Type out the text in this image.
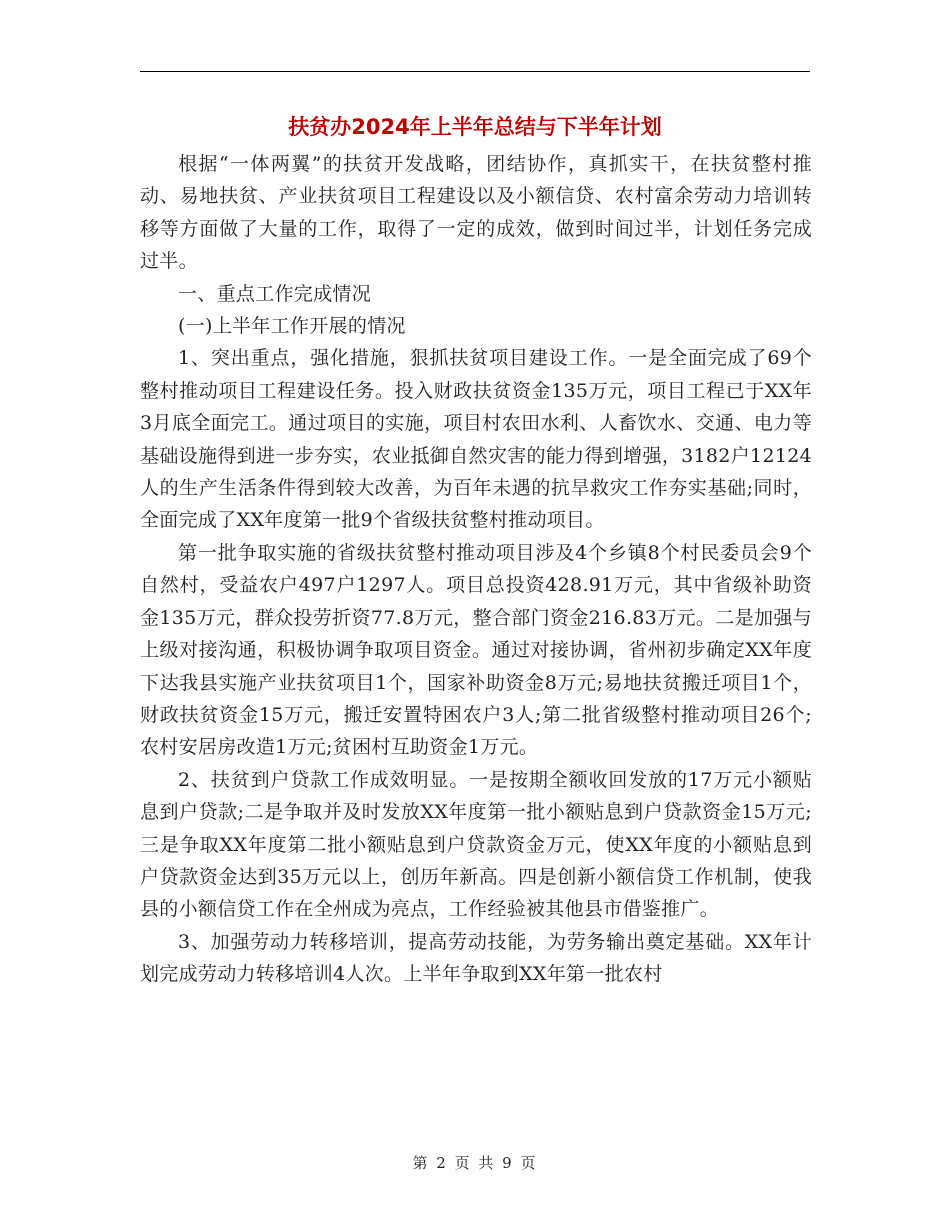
扶贫办2024年上半年总结与下半年计划

根据“一体两翼”的扶贫开发战略，团结协作，真抓实干，在扶贫整村推动、易地扶贫、产业扶贫项目工程建设以及小额信贷、农村富余劳动力培训转移等方面做了大量的工作，取得了一定的成效，做到时间过半，计划任务完成过半。

一、重点工作完成情况

(一)上半年工作开展的情况

1、突出重点，强化措施，狠抓扶贫项目建设工作。一是全面完成了69个整村推动项目工程建设任务。投入财政扶贫资金135万元，项目工程已于XX年3月底全面完工。通过项目的实施，项目村农田水利、人畜饮水、交通、电力等基础设施得到进一步夯实，农业抵御自然灾害的能力得到增强，3182户12124人的生产生活条件得到较大改善，为百年未遇的抗旱救灾工作夯实基础;同时，全面完成了XX年度第一批9个省级扶贫整村推动项目。

第一批争取实施的省级扶贫整村推动项目涉及4个乡镇8个村民委员会9个自然村，受益农户497户1297人。项目总投资428.91万元，其中省级补助资金135万元，群众投劳折资77.8万元，整合部门资金216.83万元。二是加强与上级对接沟通，积极协调争取项目资金。通过对接协调，省州初步确定XX年度下达我县实施产业扶贫项目1个，国家补助资金8万元;易地扶贫搬迁项目1个，财政扶贫资金15万元，搬迁安置特困农户3人;第二批省级整村推动项目26个;农村安居房改造1万元;贫困村互助资金1万元。

2、扶贫到户贷款工作成效明显。一是按期全额收回发放的17万元小额贴息到户贷款;二是争取并及时发放XX年度第一批小额贴息到户贷款资金15万元;三是争取XX年度第二批小额贴息到户贷款资金万元，使XX年度的小额贴息到户贷款资金达到35万元以上，创历年新高。四是创新小额信贷工作机制，使我县的小额信贷工作在全州成为亮点，工作经验被其他县市借鉴推广。

3、加强劳动力转移培训，提高劳动技能，为劳务输出奠定基础。XX年计划完成劳动力转移培训4人次。上半年争取到XX年第一批农村

第 2 页 共 9 页
